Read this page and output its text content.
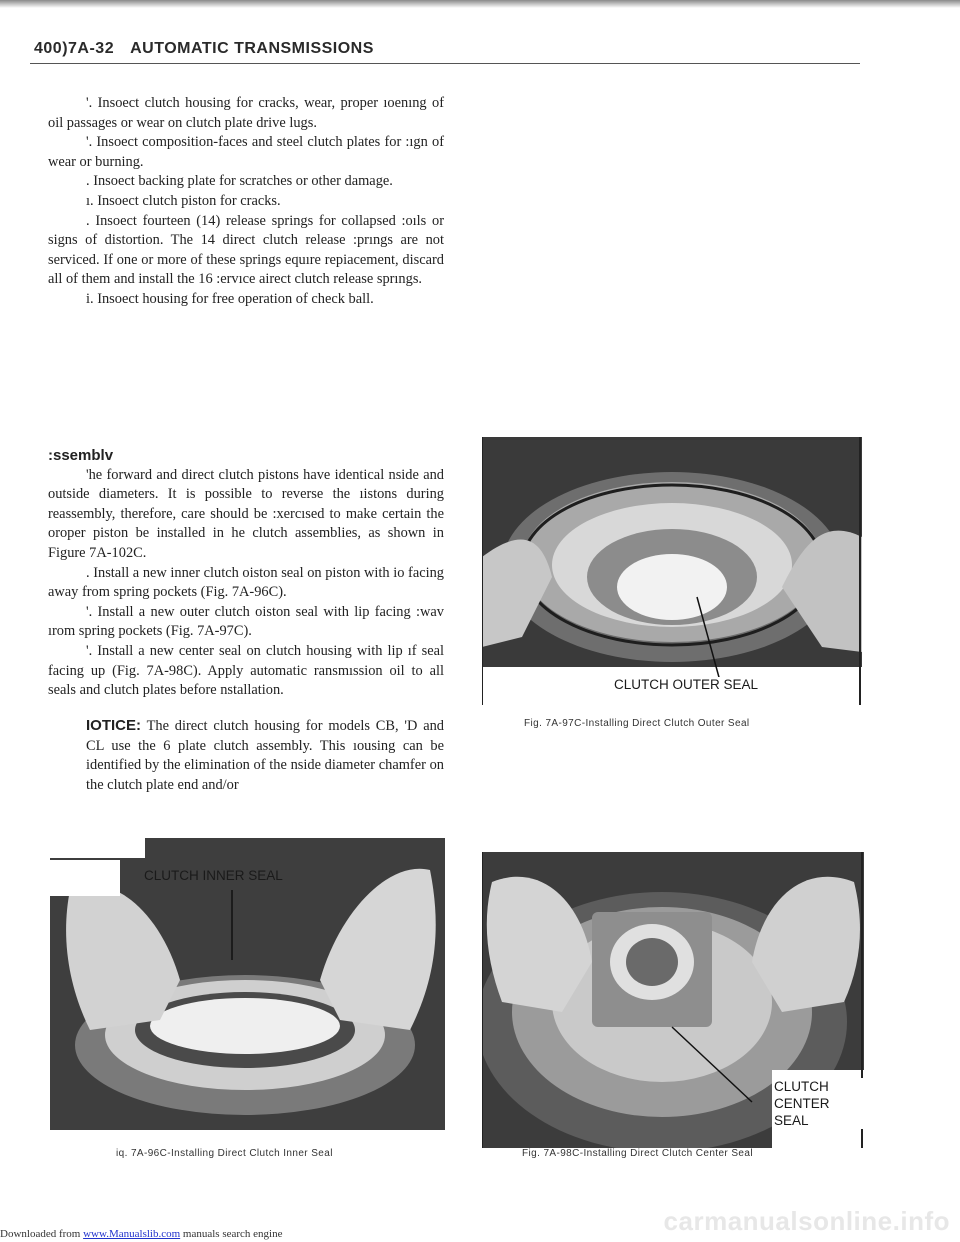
400)7A-32 AUTOMATIC TRANSMISSIONS

'. Insoect clutch housing for cracks, wear, proper ıoenıng of oil passages or wear on clutch plate drive lugs.

'. Insoect composition-faces and steel clutch plates for :ıgn of wear or burning.

. Insoect backing plate for scratches or other damage.

ı. Insoect clutch piston for cracks.

. Insoect fourteen (14) release springs for collapsed :oıls or signs of distortion. The 14 direct clutch release :prıngs are not serviced. If one or more of these springs equıre repiacement, discard all of them and install the 16 :ervıce airect clutch release sprıngs.

i. Insoect housing for free operation of check ball.

:ssemblv

'he forward and direct clutch pistons have identical nside and outside diameters. It is possible to reverse the ıistons during reassembly, therefore, care should be :xercısed to make certain the oroper piston be installed in he clutch assemblies, as shown in Figure 7A-102C.

. Install a new inner clutch oiston seal on piston with io facing away from spring pockets (Fig. 7A-96C).

'. Install a new outer clutch oiston seal with lip facing :wav ırom spring pockets (Fig. 7A-97C).

'. Install a new center seal on clutch housing with lip ıf seal facing up (Fig. 7A-98C). Apply automatic ransmıssion oil to all seals and clutch plates before nstallation.

IOTICE: The direct clutch housing for models CB, 'D and CL use the 6 plate clutch assembly. This ıousing can be identified by the elimination of the nside diameter chamfer on the clutch plate end and/or

CLUTCH OUTER SEAL
Fig. 7A-97C-Installing Direct Clutch Outer Seal
CLUTCH INNER SEAL
iq. 7A-96C-Installing Direct Clutch Inner Seal
CLUTCH
CENTER SEAL
Fig. 7A-98C-Installing Direct Clutch Center Seal
Downloaded from www.Manualslib.com manuals search engine	carmanualsonline.info
